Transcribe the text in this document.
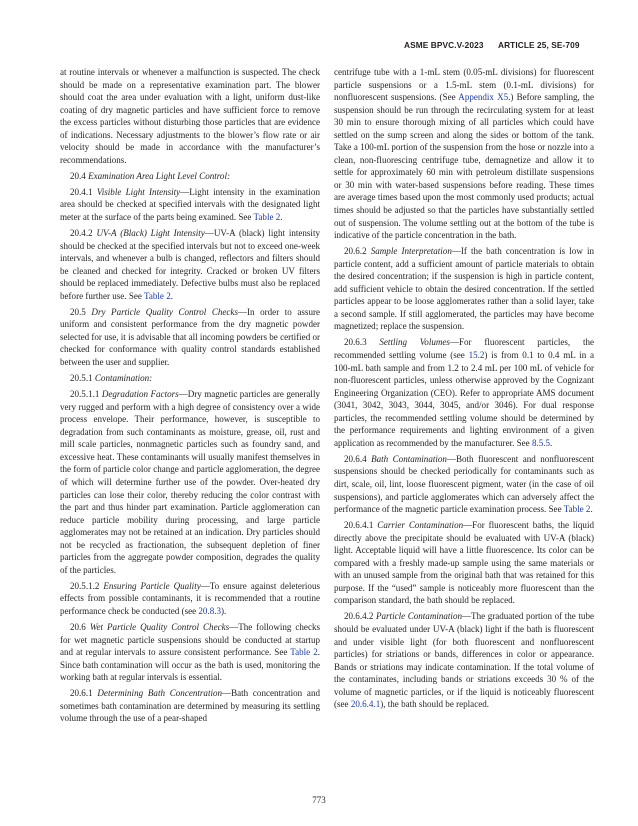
ASME BPVC.V-2023 ARTICLE 25, SE-709

at routine intervals or whenever a malfunction is suspected. The check should be made on a representative examination part. The blower should coat the area under evaluation with a light, uniform dust-like coating of dry magnetic particles and have sufficient force to remove the excess particles without disturbing those particles that are evidence of indications. Necessary adjustments to the blower’s flow rate or air velocity should be made in accordance with the manufacturer’s recommendations.

20.4 Examination Area Light Level Control:

20.4.1 Visible Light Intensity—Light intensity in the examination area should be checked at specified intervals with the designated light meter at the surface of the parts being examined. See Table 2.

20.4.2 UV-A (Black) Light Intensity—UV-A (black) light intensity should be checked at the specified intervals but not to exceed one-week intervals, and whenever a bulb is changed, reflectors and filters should be cleaned and checked for integrity. Cracked or broken UV filters should be replaced immediately. Defective bulbs must also be replaced before further use. See Table 2.

20.5 Dry Particle Quality Control Checks—In order to assure uniform and consistent performance from the dry magnetic powder selected for use, it is advisable that all incoming powders be certified or checked for conformance with quality control standards established between the user and supplier.

20.5.1 Contamination:

20.5.1.1 Degradation Factors—Dry magnetic particles are generally very rugged and perform with a high degree of consistency over a wide process envelope. Their performance, however, is susceptible to degradation from such contaminants as moisture, grease, oil, rust and mill scale particles, nonmagnetic particles such as foundry sand, and excessive heat. These contaminants will usually manifest themselves in the form of particle color change and particle agglomeration, the degree of which will determine further use of the powder. Over-heated dry particles can lose their color, thereby reducing the color contrast with the part and thus hinder part examination. Particle agglomeration can reduce particle mobility during processing, and large particle agglomerates may not be retained at an indication. Dry particles should not be recycled as fractionation, the subsequent depletion of finer particles from the aggregate powder composition, degrades the quality of the particles.

20.5.1.2 Ensuring Particle Quality—To ensure against deleterious effects from possible contaminants, it is recommended that a routine performance check be conducted (see 20.8.3).

20.6 Wet Particle Quality Control Checks—The following checks for wet magnetic particle suspensions should be conducted at startup and at regular intervals to assure consistent performance. See Table 2. Since bath contamination will occur as the bath is used, monitoring the working bath at regular intervals is essential.

20.6.1 Determining Bath Concentration—Bath concentration and sometimes bath contamination are determined by measuring its settling volume through the use of a pear-shaped

centrifuge tube with a 1-mL stem (0.05-mL divisions) for fluorescent particle suspensions or a 1.5-mL stem (0.1-mL divisions) for nonfluorescent suspensions. (See Appendix X5.) Before sampling, the suspension should be run through the recirculating system for at least 30 min to ensure thorough mixing of all particles which could have settled on the sump screen and along the sides or bottom of the tank. Take a 100-mL portion of the suspension from the hose or nozzle into a clean, non-fluorescing centrifuge tube, demagnetize and allow it to settle for approximately 60 min with petroleum distillate suspensions or 30 min with water-based suspensions before reading. These times are average times based upon the most commonly used products; actual times should be adjusted so that the particles have substantially settled out of suspension. The volume settling out at the bottom of the tube is indicative of the particle concentration in the bath.

20.6.2 Sample Interpretation—If the bath concentration is low in particle content, add a sufficient amount of particle materials to obtain the desired concentration; if the suspension is high in particle content, add sufficient vehicle to obtain the desired concentration. If the settled particles appear to be loose agglomerates rather than a solid layer, take a second sample. If still agglomerated, the particles may have become magnetized; replace the suspension.

20.6.3 Settling Volumes—For fluorescent particles, the recommended settling volume (see 15.2) is from 0.1 to 0.4 mL in a 100-mL bath sample and from 1.2 to 2.4 mL per 100 mL of vehicle for non-fluorescent particles, unless otherwise approved by the Cognizant Engineering Organization (CEO). Refer to appropriate AMS document (3041, 3042, 3043, 3044, 3045, and/or 3046). For dual response particles, the recommended settling volume should be determined by the performance requirements and lighting environment of a given application as recommended by the manufacturer. See 8.5.5.

20.6.4 Bath Contamination—Both fluorescent and nonfluorescent suspensions should be checked periodically for contaminants such as dirt, scale, oil, lint, loose fluorescent pigment, water (in the case of oil suspensions), and particle agglomerates which can adversely affect the performance of the magnetic particle examination process. See Table 2.

20.6.4.1 Carrier Contamination—For fluorescent baths, the liquid directly above the precipitate should be evaluated with UV-A (black) light. Acceptable liquid will have a little fluorescence. Its color can be compared with a freshly made-up sample using the same materials or with an unused sample from the original bath that was retained for this purpose. If the “used” sample is noticeably more fluorescent than the comparison standard, the bath should be replaced.

20.6.4.2 Particle Contamination—The graduated portion of the tube should be evaluated under UV-A (black) light if the bath is fluorescent and under visible light (for both fluorescent and nonfluorescent particles) for striations or bands, differences in color or appearance. Bands or striations may indicate contamination. If the total volume of the contaminates, including bands or striations exceeds 30 % of the volume of magnetic particles, or if the liquid is noticeably fluorescent (see 20.6.4.1), the bath should be replaced.

773
